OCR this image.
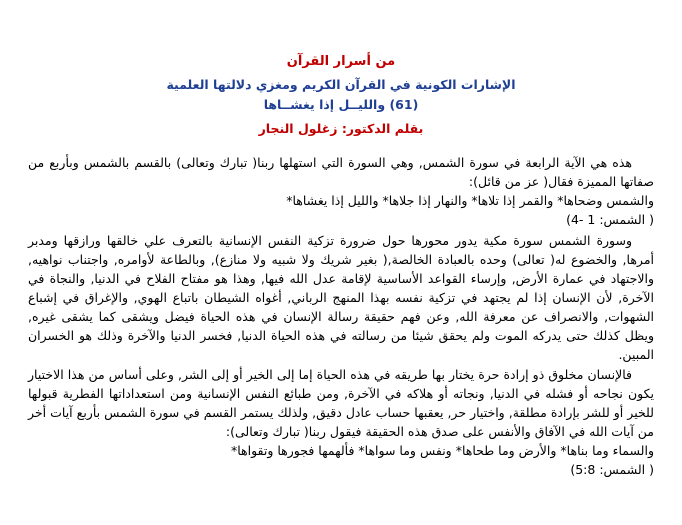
من أسرار القرآن
الإشارات الكونية في القرآن الكريم ومغزي دلالتها العلمية
(61) والليــل إذا يغشــاها
بقلم الدكتور: زغلول النجار

هذه هي الآية الرابعة في سورة الشمس, وهي السورة التي استهلها ربنا( تبارك وتعالى) بالقسم بالشمس وبأربع من صفاتها المميزة فقال( عز من قائل):

والشمس وضحاها* والقمر إذا تلاها* والنهار إذا جلاها* والليل إذا يغشاها*

( الشمس: 1 -4)

وسورة الشمس سورة مكية يدور محورها حول ضرورة تزكية النفس الإنسانية بالتعرف علي خالقها ورازقها ومدبر أمرها, والخضوع له( تعالى) وحده بالعبادة الخالصة,( بغير شريك ولا شبيه ولا منازع), وبالطاعة لأوامره, واجتناب نواهيه, والاجتهاد في عمارة الأرض, وإرساء القواعد الأساسية لإقامة عدل الله فيها, وهذا هو مفتاح الفلاح في الدنيا, والنجاة في الآخرة, لأن الإنسان إذا لم يجتهد في تزكية نفسه بهذا المنهج الرباني, أغواه الشيطان باتباع الهوي, والإغراق في إشباع الشهوات, والانصراف عن معرفة الله, وعن فهم حقيقة رسالة الإنسان في هذه الحياة فيضل ويشقى كما يشقى غيره, ويظل كذلك حتى يدركه الموت ولم يحقق شيئا من رسالته في هذه الحياة الدنيا, فخسر الدنيا والآخرة وذلك هو الخسران المبين.

فالإنسان مخلوق ذو إرادة حرة يختار بها طريقه في هذه الحياة إما إلى الخير أو إلى الشر, وعلى أساس من هذا الاختيار يكون نجاحه أو فشله في الدنيا, ونجاته أو هلاكه في الآخرة, ومن طبائع النفس الإنسانية ومن استعداداتها الفطرية قبولها للخير أو للشر بإرادة مطلقة, واختيار حر, يعقبها حساب عادل دقيق, ولذلك يستمر القسم في سورة الشمس بأربع آيات أخر من آيات الله في الآفاق والأنفس على صدق هذه الحقيقة فيقول ربنا( تبارك وتعالى):

والسماء وما بناها* والأرض وما طحاها* ونفس وما سواها* فألهمها فجورها وتقواها*

( الشمس: 5:8)
